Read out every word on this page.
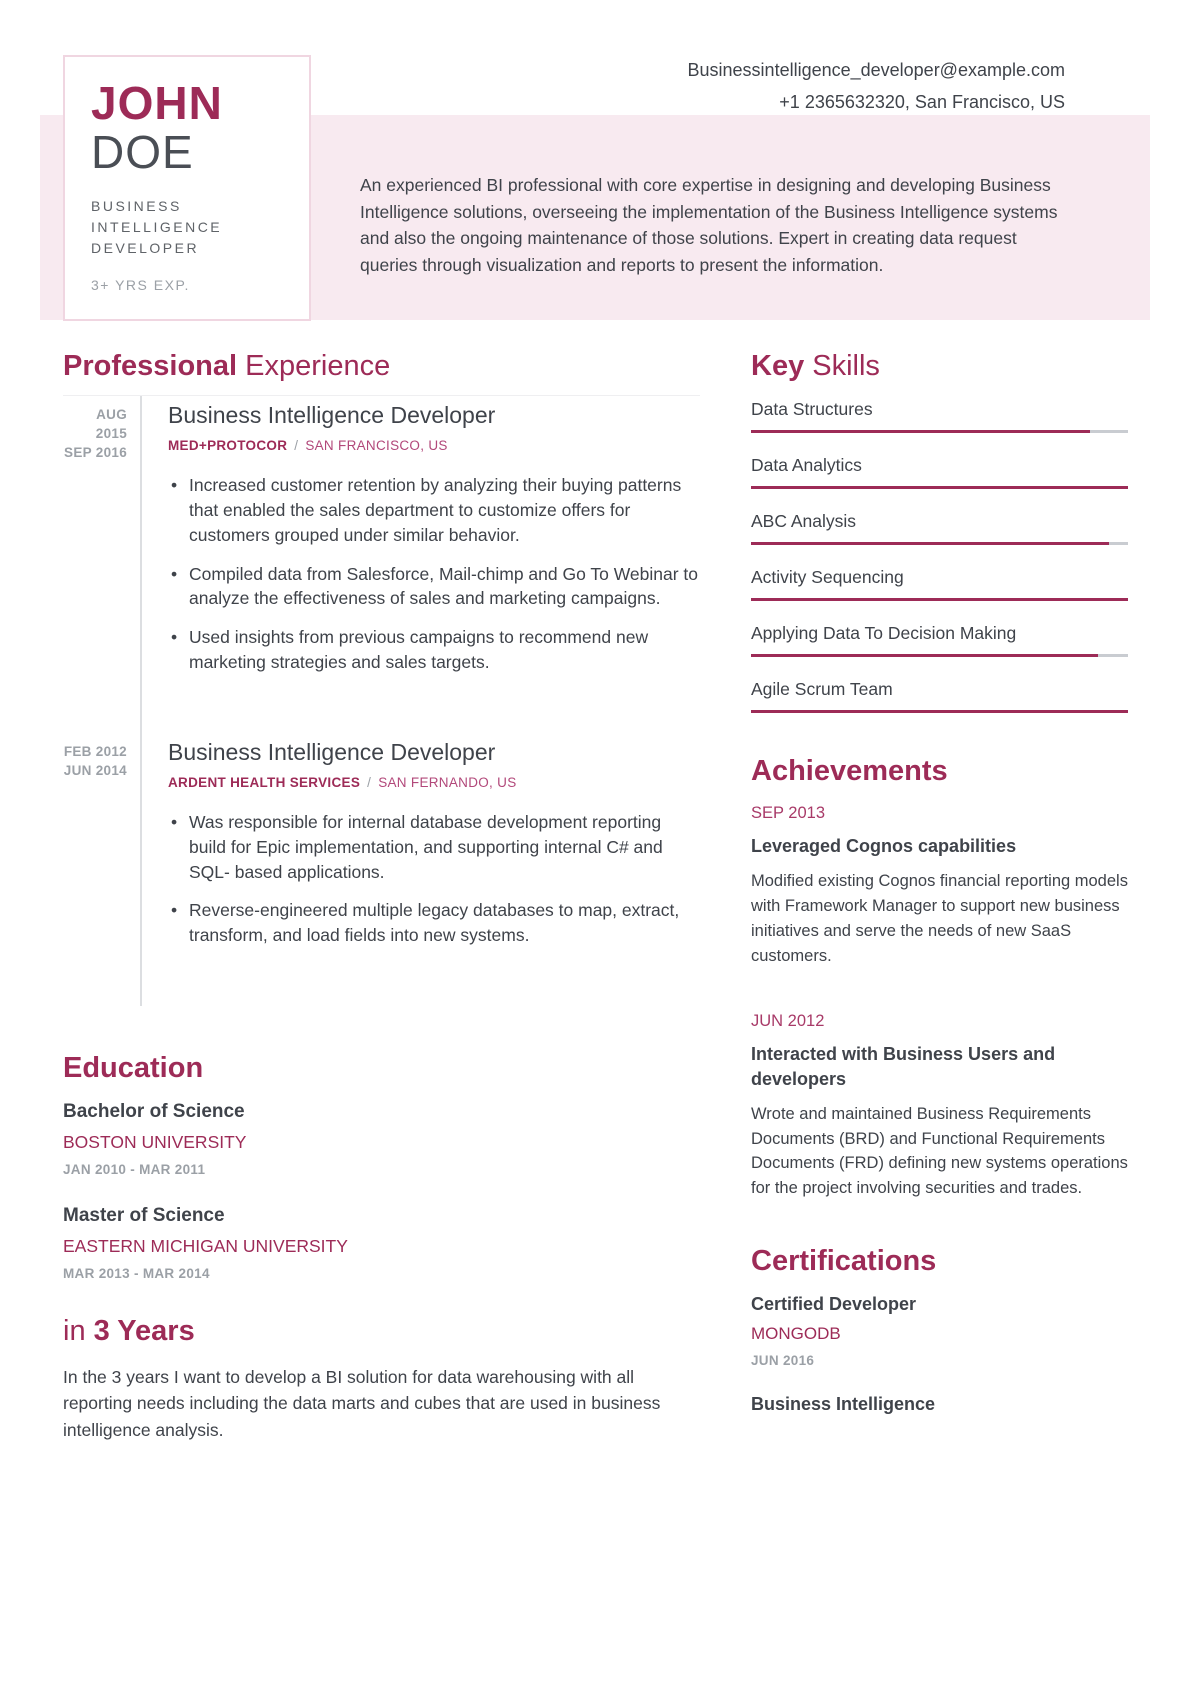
JOHN
DOE
BUSINESS INTELLIGENCE DEVELOPER
3+ YRS EXP.
Businessintelligence_developer@example.com
+1 2365632320, San Francisco, US
An experienced BI professional with core expertise in designing and developing Business Intelligence solutions, overseeing the implementation of the Business Intelligence systems and also the ongoing maintenance of those solutions. Expert in creating data request queries through visualization and reports to present the information.
Professional Experience
AUG 2015
SEP 2016
Business Intelligence Developer
MED+PROTOCOR / SAN FRANCISCO, US
• Increased customer retention by analyzing their buying patterns that enabled the sales department to customize offers for customers grouped under similar behavior.
• Compiled data from Salesforce, Mail-chimp and Go To Webinar to analyze the effectiveness of sales and marketing campaigns.
• Used insights from previous campaigns to recommend new marketing strategies and sales targets.
FEB 2012
JUN 2014
Business Intelligence Developer
ARDENT HEALTH SERVICES / SAN FERNANDO, US
• Was responsible for internal database development reporting build for Epic implementation, and supporting internal C# and SQL- based applications.
• Reverse-engineered multiple legacy databases to map, extract, transform, and load fields into new systems.
Education
Bachelor of Science
BOSTON UNIVERSITY
JAN 2010 - MAR 2011
Master of Science
EASTERN MICHIGAN UNIVERSITY
MAR 2013 - MAR 2014
in 3 Years

In the 3 years I want to develop a BI solution for data warehousing with all reporting needs including the data marts and cubes that are used in business intelligence analysis.

Key Skills
Data Structures
Data Analytics
ABC Analysis
Activity Sequencing
Applying Data To Decision Making
Agile Scrum Team
Achievements
SEP 2013
Leveraged Cognos capabilities

Modified existing Cognos financial reporting models with Framework Manager to support new business initiatives and serve the needs of new SaaS customers.

JUN 2012
Interacted with Business Users and developers

Wrote and maintained Business Requirements Documents (BRD) and Functional Requirements Documents (FRD) defining new systems operations for the project involving securities and trades.

Certifications
Certified Developer
MONGODB
JUN 2016
Business Intelligence
